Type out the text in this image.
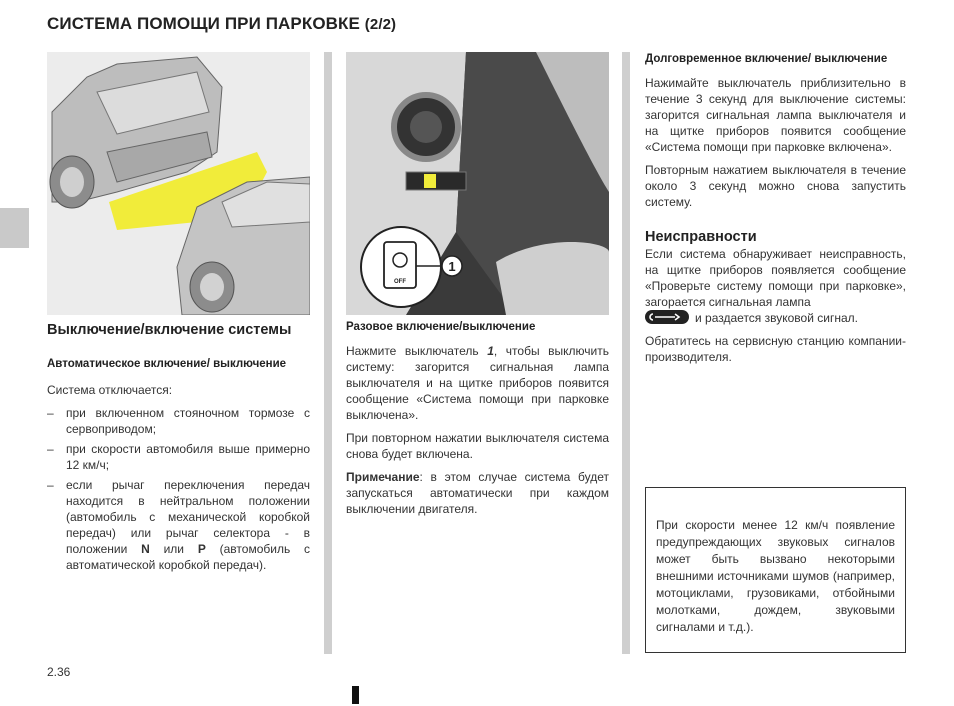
СИСТЕМА ПОМОЩИ ПРИ ПАРКОВКЕ (2/2)
OFF
1
Выключение/включение системы
Автоматическое включение/ выключение

Система отключается:

– при включенном стояночном тормозе с сервоприводом;
– при скорости автомобиля выше примерно 12 км/ч;
– если рычаг переключения передач находится в нейтральном положении (автомобиль с механической коробкой передач) или рычаг селектора - в положении N или P (автомобиль с автоматической коробкой передач).
Разовое включение/выключение

Нажмите выключатель 1, чтобы выключить систему: загорится сигнальная лампа выключателя и на щитке приборов появится сообщение «Система помощи при парковке выключена».

При повторном нажатии выключателя система снова будет включена.

Примечание: в этом случае система будет запускаться автоматически при каждом выключении двигателя.

Долговременное включение/ выключение

Нажимайте выключатель приблизительно в течение 3 секунд для выключение системы: загорится сигнальная лампа выключателя и на щитке приборов появится сообщение «Система помощи при парковке включена».

Повторным нажатием выключателя в течение около 3 секунд можно снова запустить систему.

Неисправности

Если система обнаруживает неисправность, на щитке приборов появляется сообщение «Проверьте систему помощи при парковке», загорается сигнальная лампа
и раздается звуковой сигнал.

Обратитесь на сервисную станцию компании-производителя.

При скорости менее 12 км/ч появление предупреждающих звуковых сигналов может быть вызвано некоторыми внешними источниками шумов (например, мотоциклами, грузовиками, отбойными молотками, дождем, звуковыми сигналами и т.д.).
2.36
